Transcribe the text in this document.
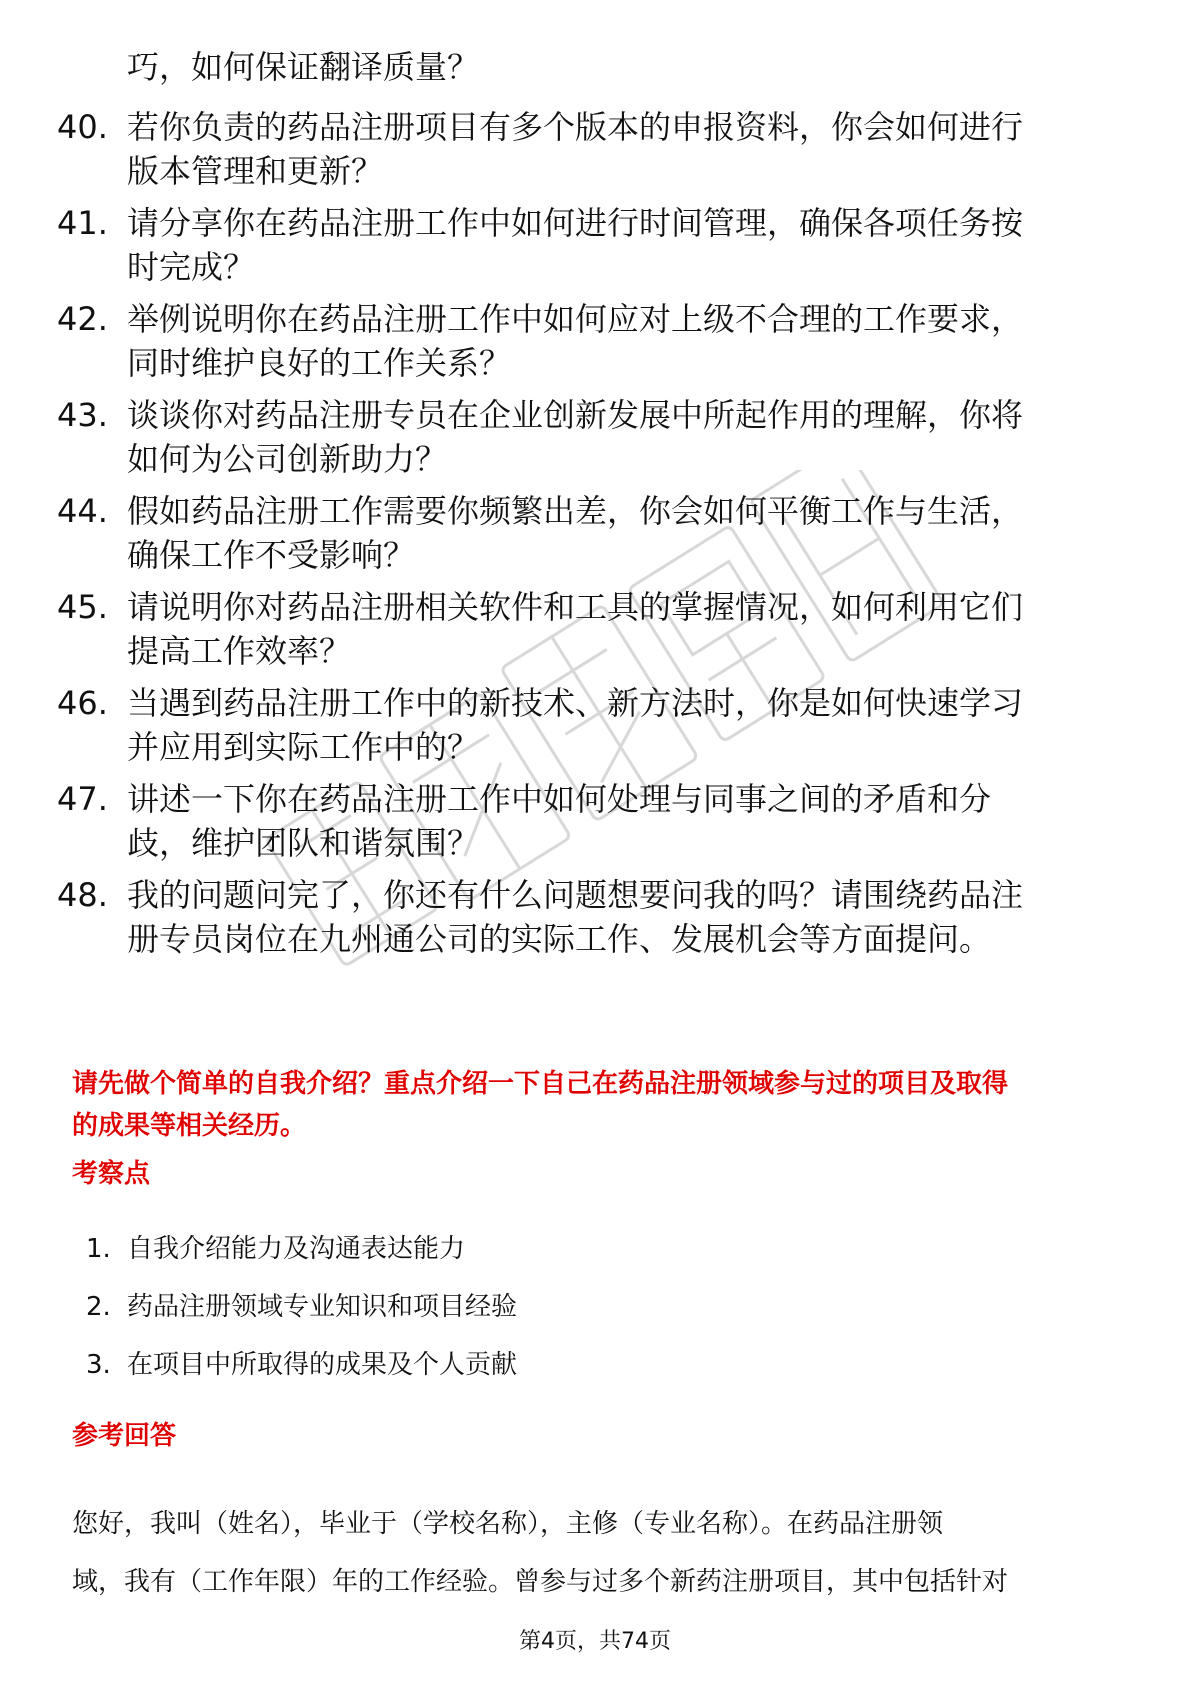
巧，如何保证翻译质量？
40. 若你负责的药品注册项目有多个版本的申报资料，你会如何进行
版本管理和更新？
41. 请分享你在药品注册工作中如何进行时间管理，确保各项任务按
时完成？
42. 举例说明你在药品注册工作中如何应对上级不合理的工作要求，
同时维护良好的工作关系？
43. 谈谈你对药品注册专员在企业创新发展中所起作用的理解，你将
如何为公司创新助力？
44. 假如药品注册工作需要你频繁出差，你会如何平衡工作与生活，
确保工作不受影响？
45. 请说明你对药品注册相关软件和工具的掌握情况，如何利用它们
提高工作效率？
46. 当遇到药品注册工作中的新技术、新方法时，你是如何快速学习
并应用到实际工作中的？
47. 讲述一下你在药品注册工作中如何处理与同事之间的矛盾和分
歧，维护团队和谐氛围？
48. 我的问题问完了，你还有什么问题想要问我的吗？请围绕药品注
册专员岗位在九州通公司的实际工作、发展机会等方面提问。
请先做个简单的自我介绍？重点介绍一下自己在药品注册领域参与过的项目及取得
的成果等相关经历。
考察点
1. 自我介绍能力及沟通表达能力
2. 药品注册领域专业知识和项目经验
3. 在项目中所取得的成果及个人贡献
参考回答
您好，我叫（姓名），毕业于（学校名称），主修（专业名称）。在药品注册领
域，我有（工作年限）年的工作经验。曾参与过多个新药注册项目，其中包括针对
第4页，共74页
